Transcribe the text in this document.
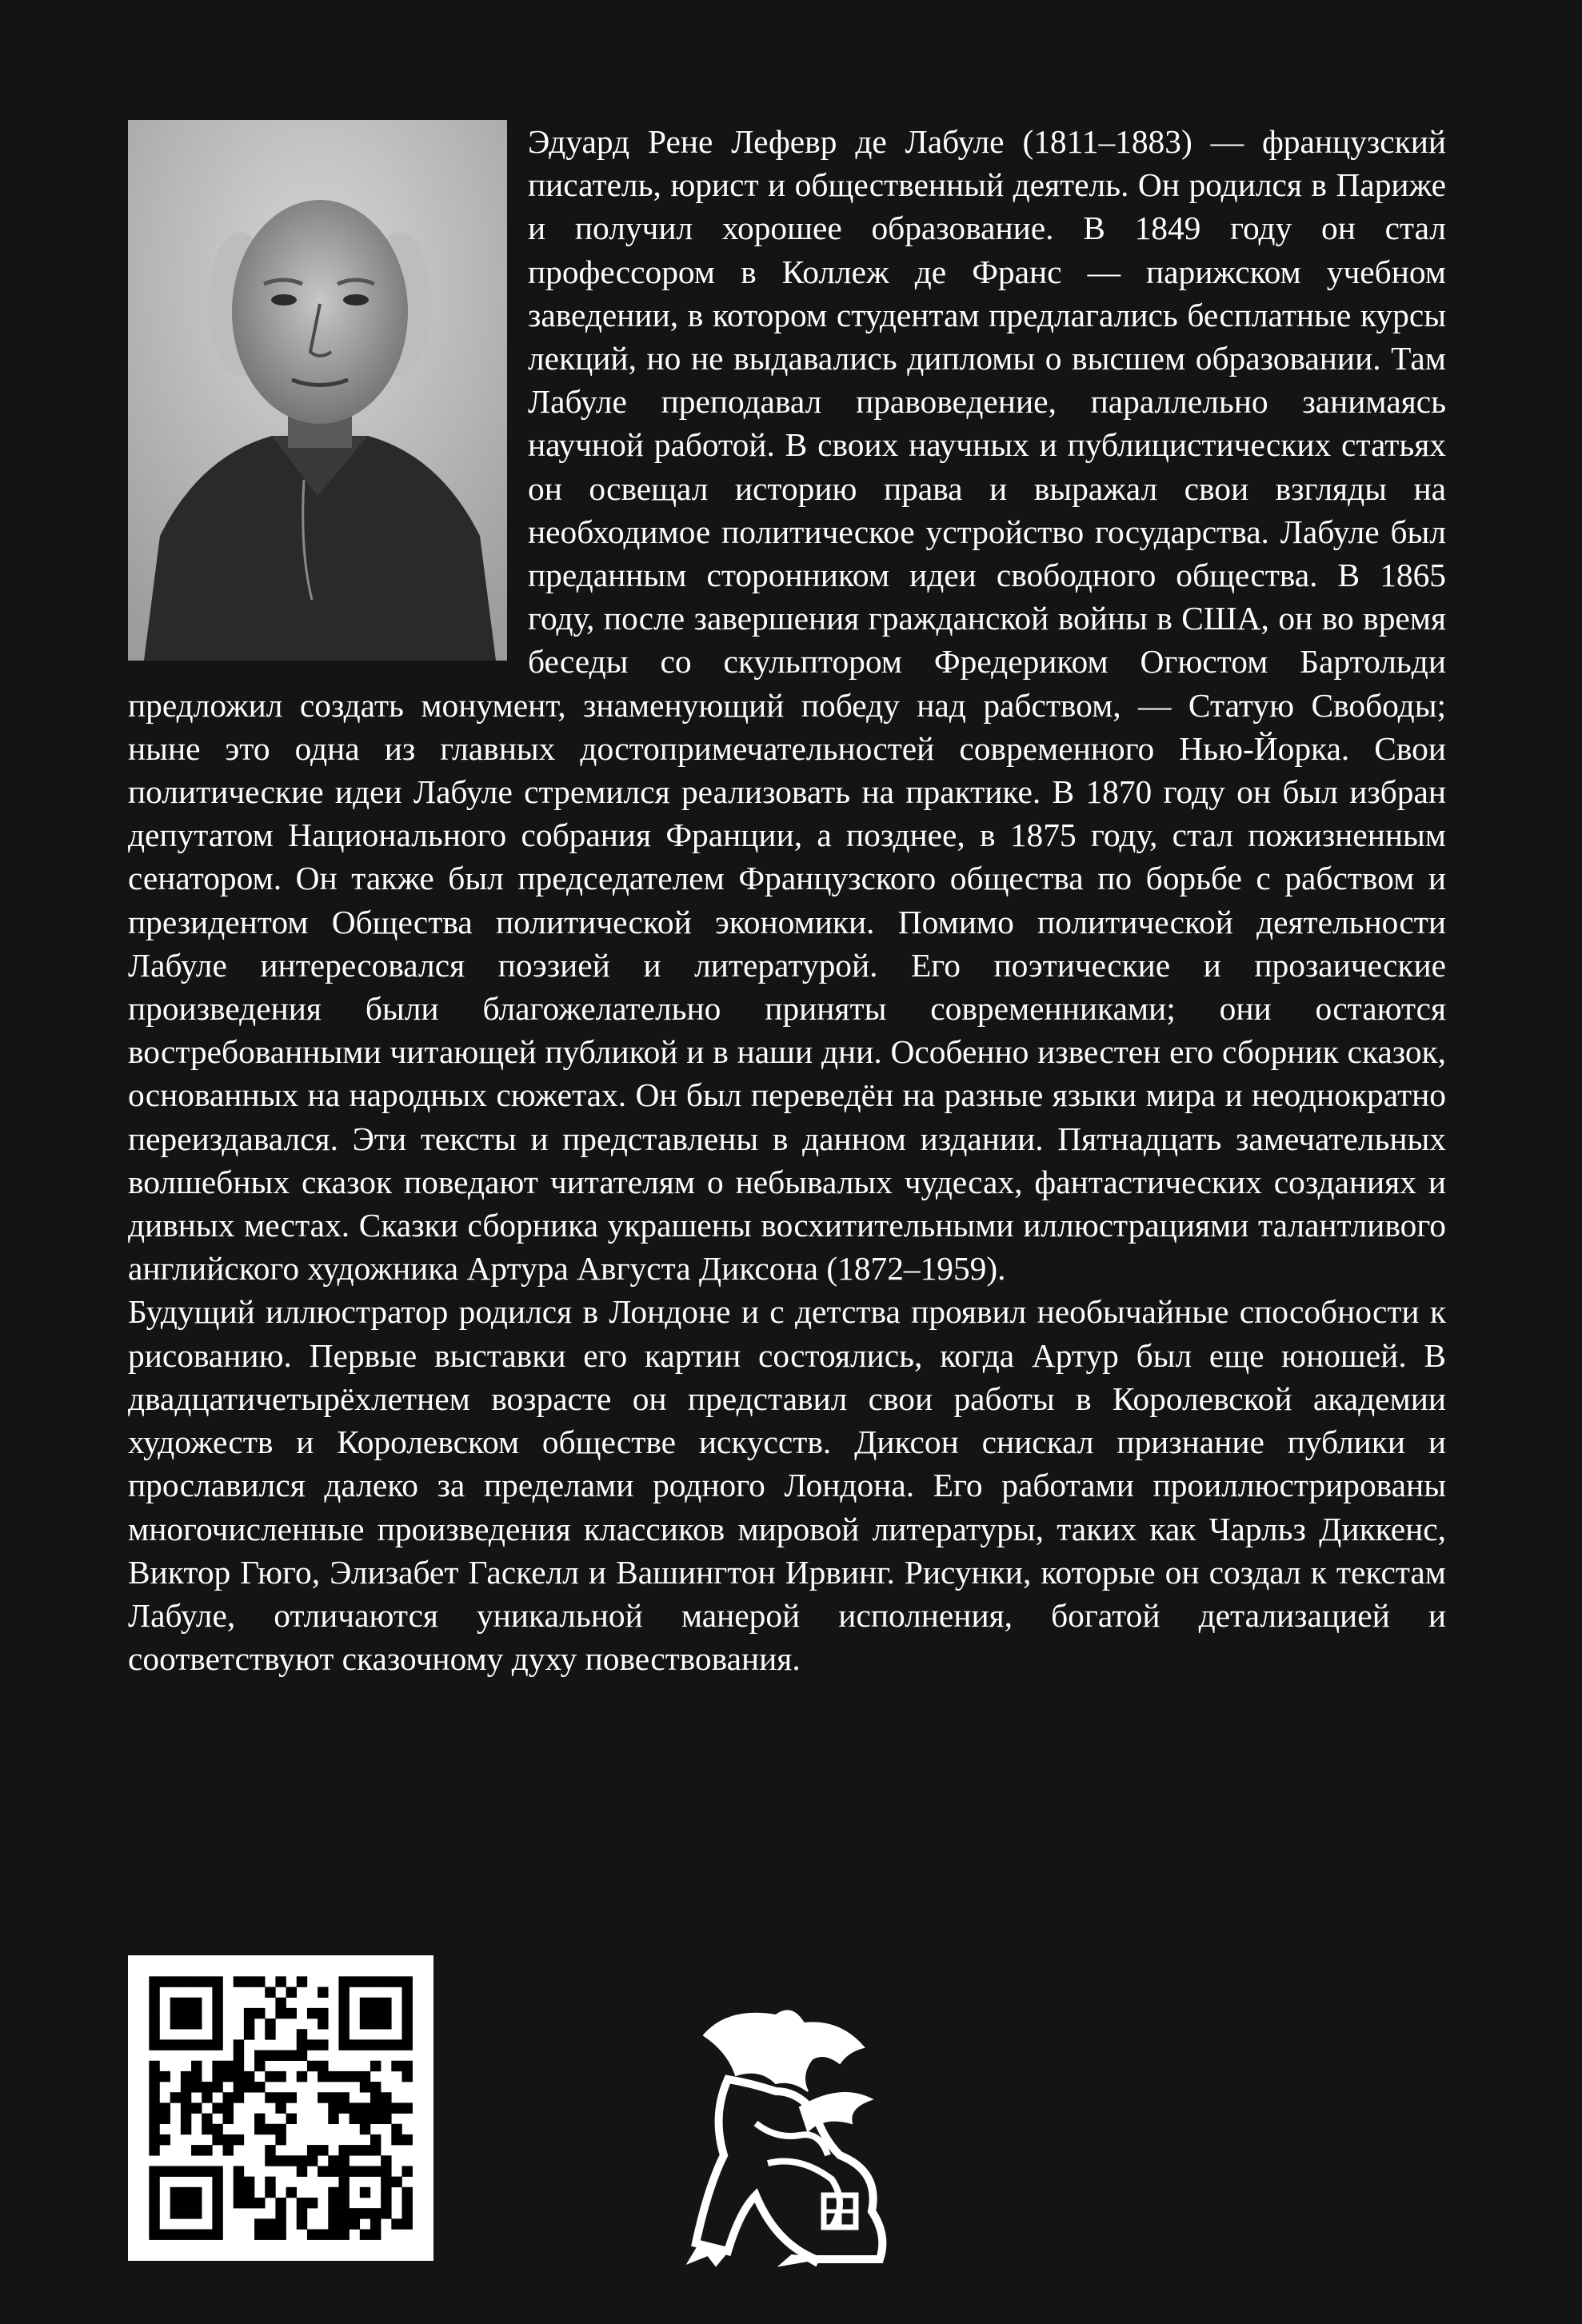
Эдуард Рене Лефевр де Лабуле (1811–1883) — французский писатель, юрист и общественный деятель. Он родился в Париже и получил хорошее образование. В 1849 году он стал профессором в Коллеж де Франс — парижском учебном заведении, в котором студентам предлагались бесплатные курсы лекций, но не выдавались дипломы о высшем образовании. Там Лабуле преподавал правоведение, параллельно занимаясь научной работой. В своих научных и публицистических статьях он освещал историю права и выражал свои взгляды на необходимое политическое устройство государства. Лабуле был преданным сторонником идеи свободного общества. В 1865 году, после завершения гражданской войны в США, он во время беседы со скульптором Фредериком Огюстом Бартольди предложил создать монумент, знаменующий победу над рабством, — Статую Свободы; ныне это одна из главных достопримечательностей современного Нью-Йорка. Свои политические идеи Лабуле стремился реализовать на практике. В 1870 году он был избран депутатом Национального собрания Франции, а позднее, в 1875 году, стал пожизненным сенатором. Он также был председателем Французского общества по борьбе с рабством и президентом Общества политической экономики. Помимо политической деятельности Лабуле интересовался поэзией и литературой. Его поэтические и прозаические произведения были благожелательно приняты современниками; они остаются востребованными читающей публикой и в наши дни. Особенно известен его сборник сказок, основанных на народных сюжетах. Он был переведён на разные языки мира и неоднократно переиздавался. Эти тексты и представлены в данном издании. Пятнадцать замечательных волшебных сказок поведают читателям о небывалых чудесах, фантастических созданиях и дивных местах. Сказки сборника украшены восхитительными иллюстрациями талантливого английского художника Артура Августа Диксона (1872–1959).

Будущий иллюстратор родился в Лондоне и с детства проявил необычайные способности к рисованию. Первые выставки его картин состоялись, когда Артур был еще юношей. В двадцатичетырёхлетнем возрасте он представил свои работы в Королевской академии художеств и Королевском обществе искусств. Диксон снискал признание публики и прославился далеко за пределами родного Лондона. Его работами проиллюстрированы многочисленные произведения классиков мировой литературы, таких как Чарльз Диккенс, Виктор Гюго, Элизабет Гаскелл и Вашингтон Ирвинг. Рисунки, которые он создал к текстам Лабуле, отличаются уникальной манерой исполнения, богатой детализацией и соответствуют сказочному духу повествования.
